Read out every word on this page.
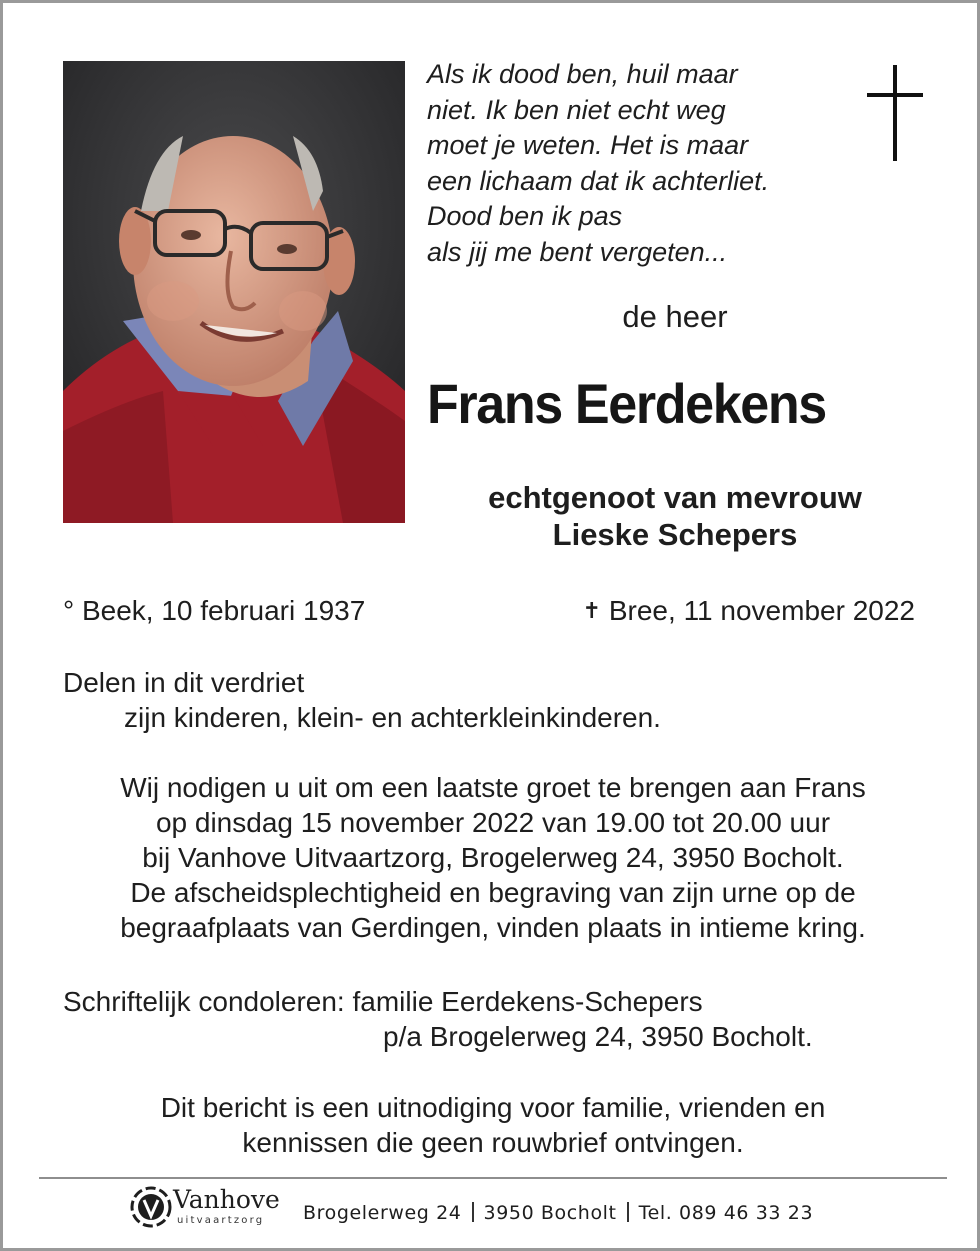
Als ik dood ben, huil maar
niet. Ik ben niet echt weg
moet je weten. Het is maar
een lichaam dat ik achterliet.
Dood ben ik pas
als jij me bent vergeten...
de heer
Frans Eerdekens
echtgenoot van mevrouw
Lieske Schepers
° Beek, 10 februari 1937	✝ Bree, 11 november 2022
Delen in dit verdriet
zijn kinderen, klein- en achterkleinkinderen.
Wij nodigen u uit om een laatste groet te brengen aan Frans
op dinsdag 15 november 2022 van 19.00 tot 20.00 uur
bij Vanhove Uitvaartzorg, Brogelerweg 24, 3950 Bocholt.
De afscheidsplechtigheid en begraving van zijn urne op de
begraafplaats van Gerdingen, vinden plaats in intieme kring.
Schriftelijk condoleren: familie Eerdekens-Schepers
p/a Brogelerweg 24, 3950 Bocholt.
Dit bericht is een uitnodiging voor familie, vrienden en
kennissen die geen rouwbrief ontvingen.
Vanhove
uitvaartzorg Brogelerweg 24 3950 Bocholt Tel. 089 46 33 23
